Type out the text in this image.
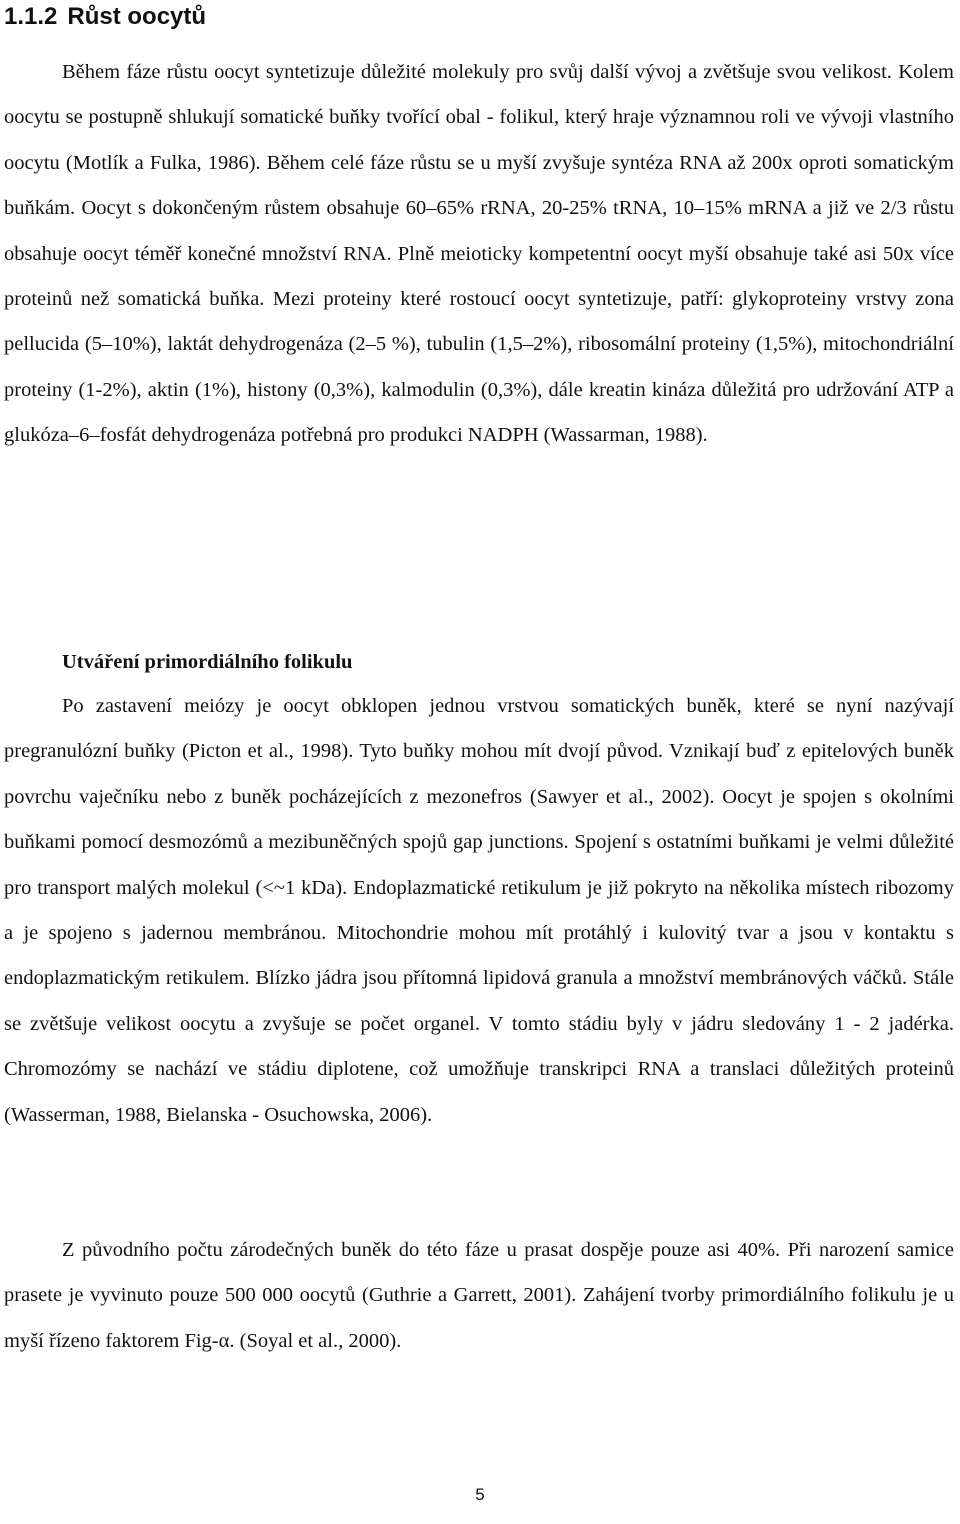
1.1.2 Růst oocytů

Během fáze růstu oocyt syntetizuje důležité molekuly pro svůj další vývoj a zvětšuje svou velikost. Kolem oocytu se postupně shlukují somatické buňky tvořící obal - folikul, který hraje významnou roli ve vývoji vlastního oocytu (Motlík a Fulka, 1986). Během celé fáze růstu se u myší zvyšuje syntéza RNA až 200x oproti somatickým buňkám. Oocyt s dokončeným růstem obsahuje 60–65% rRNA, 20-25% tRNA, 10–15% mRNA a již ve 2/3 růstu obsahuje oocyt téměř konečné množství RNA. Plně meioticky kompetentní oocyt myší obsahuje také asi 50x více proteinů než somatická buňka. Mezi proteiny které rostoucí oocyt syntetizuje, patří: glykoproteiny vrstvy zona pellucida (5–10%), laktát dehydrogenáza (2–5 %), tubulin (1,5–2%), ribosomální proteiny (1,5%), mitochondriální proteiny (1-2%), aktin (1%), histony (0,3%), kalmodulin (0,3%), dále kreatin kináza důležitá pro udržování ATP a glukóza–6–fosfát dehydrogenáza potřebná pro produkci NADPH (Wassarman, 1988).

Utváření primordiálního folikulu

Po zastavení meiózy je oocyt obklopen jednou vrstvou somatických buněk, které se nyní nazývají pregranulózní buňky (Picton et al., 1998). Tyto buňky mohou mít dvojí původ. Vznikají buď z epitelových buněk povrchu vaječníku nebo z buněk pocházejících z mezonefros (Sawyer et al., 2002). Oocyt je spojen s okolními buňkami pomocí desmozómů a mezibuněčných spojů gap junctions. Spojení s ostatními buňkami je velmi důležité pro transport malých molekul (<~1 kDa). Endoplazmatické retikulum je již pokryto na několika místech ribozomy a je spojeno s jadernou membránou. Mitochondrie mohou mít protáhlý i kulovitý tvar a jsou v kontaktu s endoplazmatickým retikulem. Blízko jádra jsou přítomná lipidová granula a množství membránových váčků. Stále se zvětšuje velikost oocytu a zvyšuje se počet organel. V tomto stádiu byly v jádru sledovány 1 - 2 jadérka. Chromozómy se nachází ve stádiu diplotene, což umožňuje transkripci RNA a translaci důležitých proteinů (Wasserman, 1988, Bielanska - Osuchowska, 2006).

Z původního počtu zárodečných buněk do této fáze u prasat dospěje pouze asi 40%. Při narození samice prasete je vyvinuto pouze 500 000 oocytů (Guthrie a Garrett, 2001). Zahájení tvorby primordiálního folikulu je u myší řízeno faktorem Fig-α. (Soyal et al., 2000).

5
